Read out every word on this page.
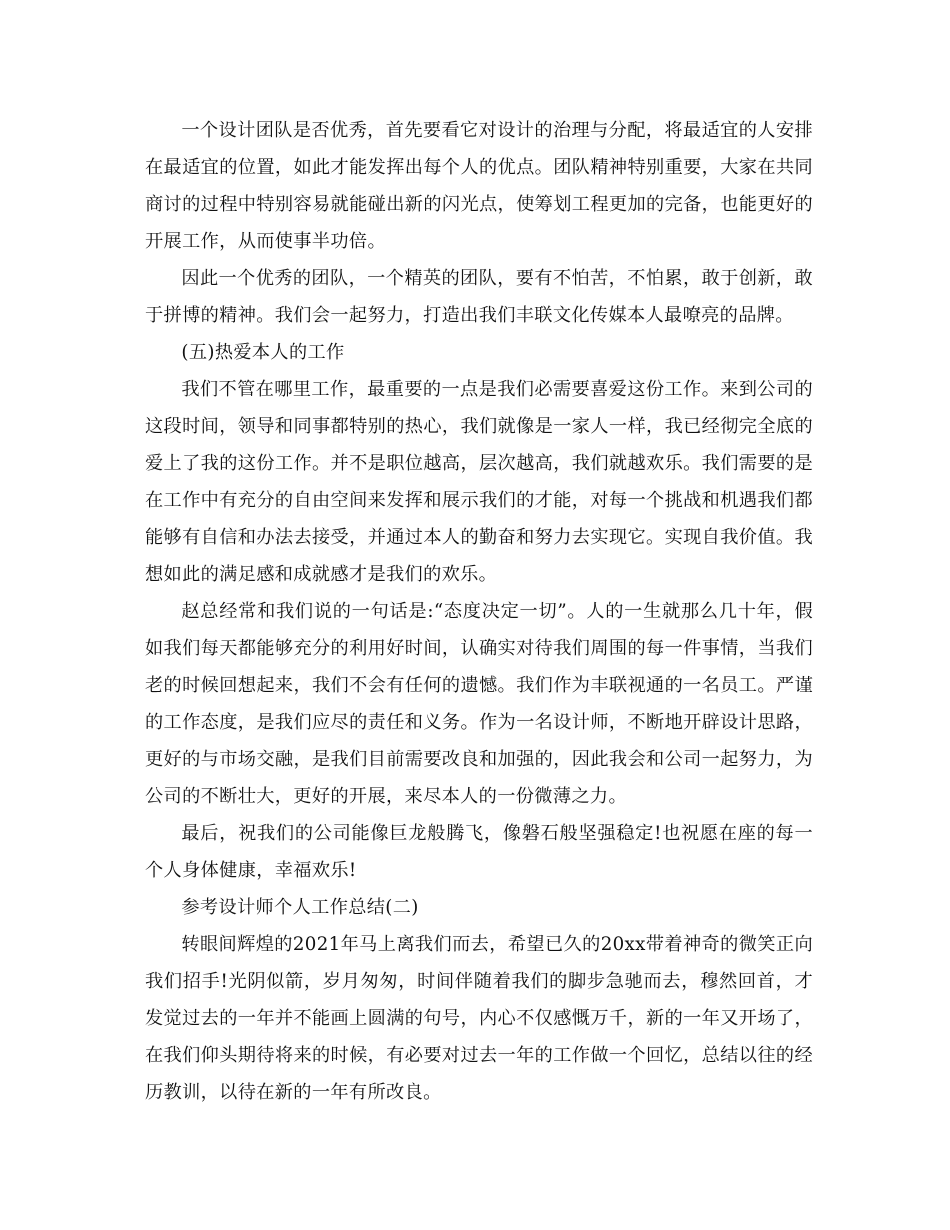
一个设计团队是否优秀，首先要看它对设计的治理与分配，将最适宜的人安排在最适宜的位置，如此才能发挥出每个人的优点。团队精神特别重要，大家在共同商讨的过程中特别容易就能碰出新的闪光点，使筹划工程更加的完备，也能更好的开展工作，从而使事半功倍。

因此一个优秀的团队，一个精英的团队，要有不怕苦，不怕累，敢于创新，敢于拼博的精神。我们会一起努力，打造出我们丰联文化传媒本人最嘹亮的品牌。

(五)热爱本人的工作

我们不管在哪里工作，最重要的一点是我们必需要喜爱这份工作。来到公司的这段时间，领导和同事都特别的热心，我们就像是一家人一样，我已经彻完全底的爱上了我的这份工作。并不是职位越高，层次越高，我们就越欢乐。我们需要的是在工作中有充分的自由空间来发挥和展示我们的才能，对每一个挑战和机遇我们都能够有自信和办法去接受，并通过本人的勤奋和努力去实现它。实现自我价值。我想如此的满足感和成就感才是我们的欢乐。

赵总经常和我们说的一句话是:“态度决定一切”。人的一生就那么几十年，假如我们每天都能够充分的利用好时间，认确实对待我们周围的每一件事情，当我们老的时候回想起来，我们不会有任何的遗憾。我们作为丰联视通的一名员工。严谨的工作态度，是我们应尽的责任和义务。作为一名设计师，不断地开辟设计思路，更好的与市场交融，是我们目前需要改良和加强的，因此我会和公司一起努力，为公司的不断壮大，更好的开展，来尽本人的一份微薄之力。

最后，祝我们的公司能像巨龙般腾飞，像磐石般坚强稳定!也祝愿在座的每一个人身体健康，幸福欢乐!

参考设计师个人工作总结(二)

转眼间辉煌的2021年马上离我们而去，希望已久的20xx带着神奇的微笑正向我们招手!光阴似箭，岁月匆匆，时间伴随着我们的脚步急驰而去，穆然回首，才发觉过去的一年并不能画上圆满的句号，内心不仅感慨万千，新的一年又开场了，在我们仰头期待将来的时候，有必要对过去一年的工作做一个回忆，总结以往的经历教训，以待在新的一年有所改良。
